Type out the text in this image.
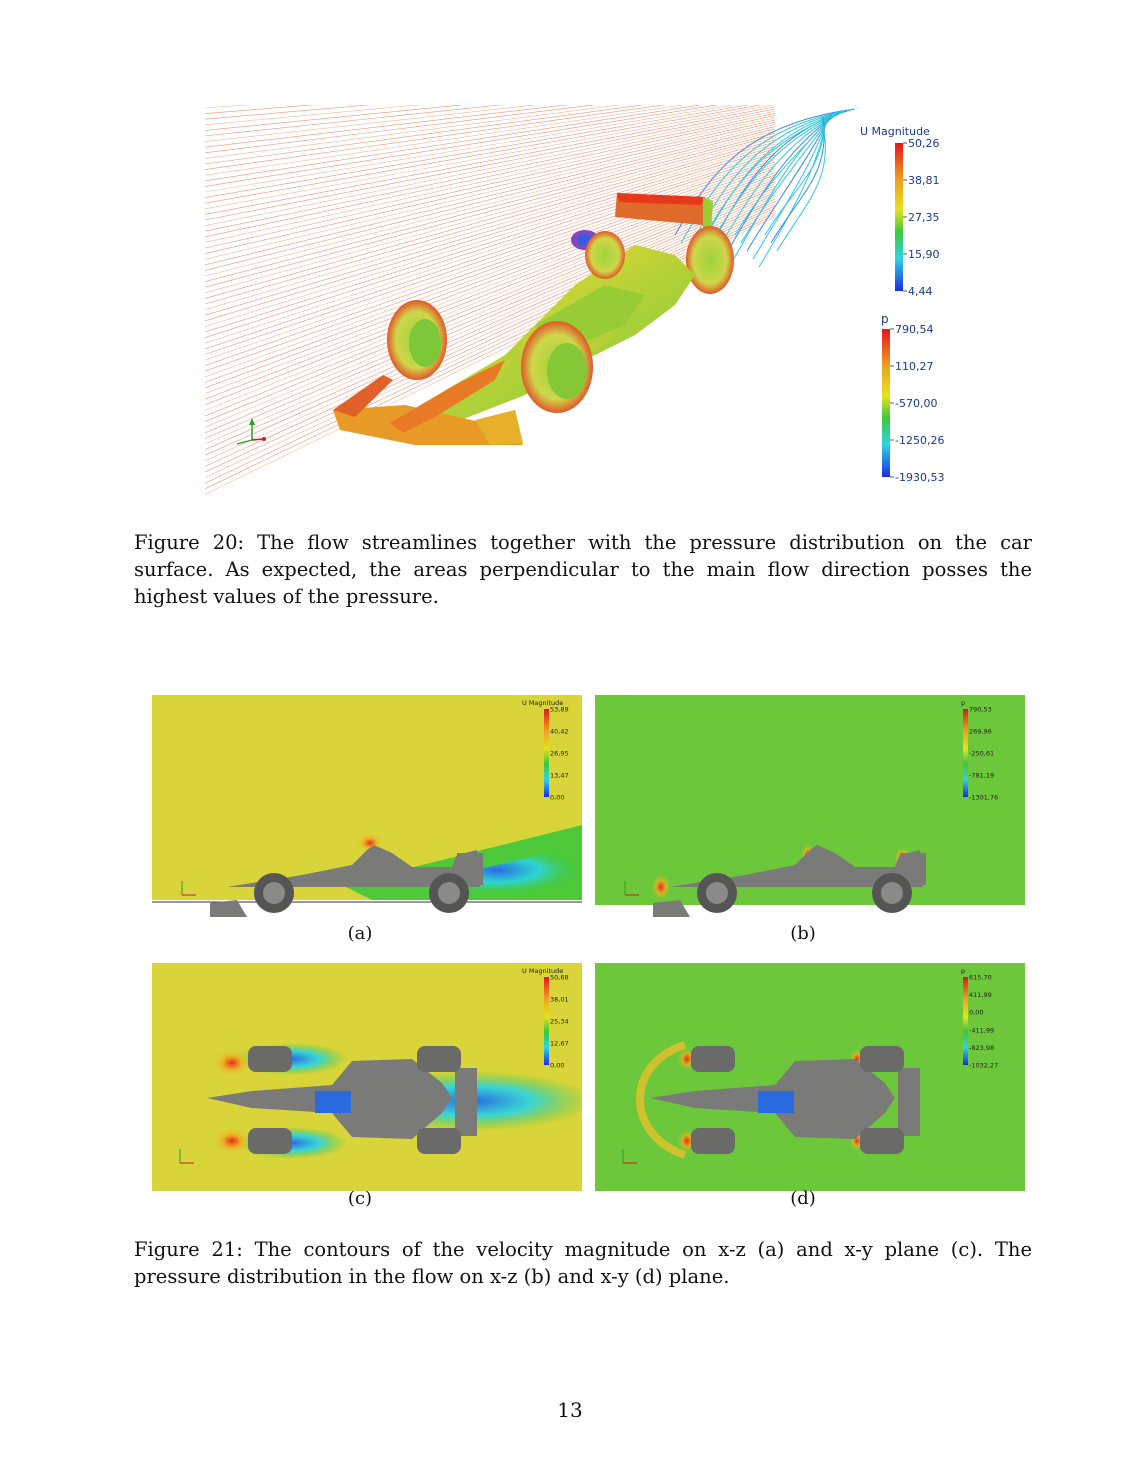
U Magnitude
50,26
38,81
27,35
15,90
4,44
p
790,54
110,27
-570,00
-1250,26
-1930,53
Figure 20: The flow streamlines together with the pressure distribution on the car surface. As expected, the areas perpendicular to the main flow direction posses the highest values of the pressure.
U Magnitude
53,89
40,42
26,95
13,47
0,00
(a)
p
790,53
269,96
-250,61
-781,19
-1301,76
(b)
U Magnitude
50,68
38,01
25,34
12,67
0,00
(c)
p
615,70
411,99
0,00
-411,99
-823,98
-1032,27
(d)
Figure 21: The contours of the velocity magnitude on x-z (a) and x-y plane (c). The pressure distribution in the flow on x-z (b) and x-y (d) plane.
13
